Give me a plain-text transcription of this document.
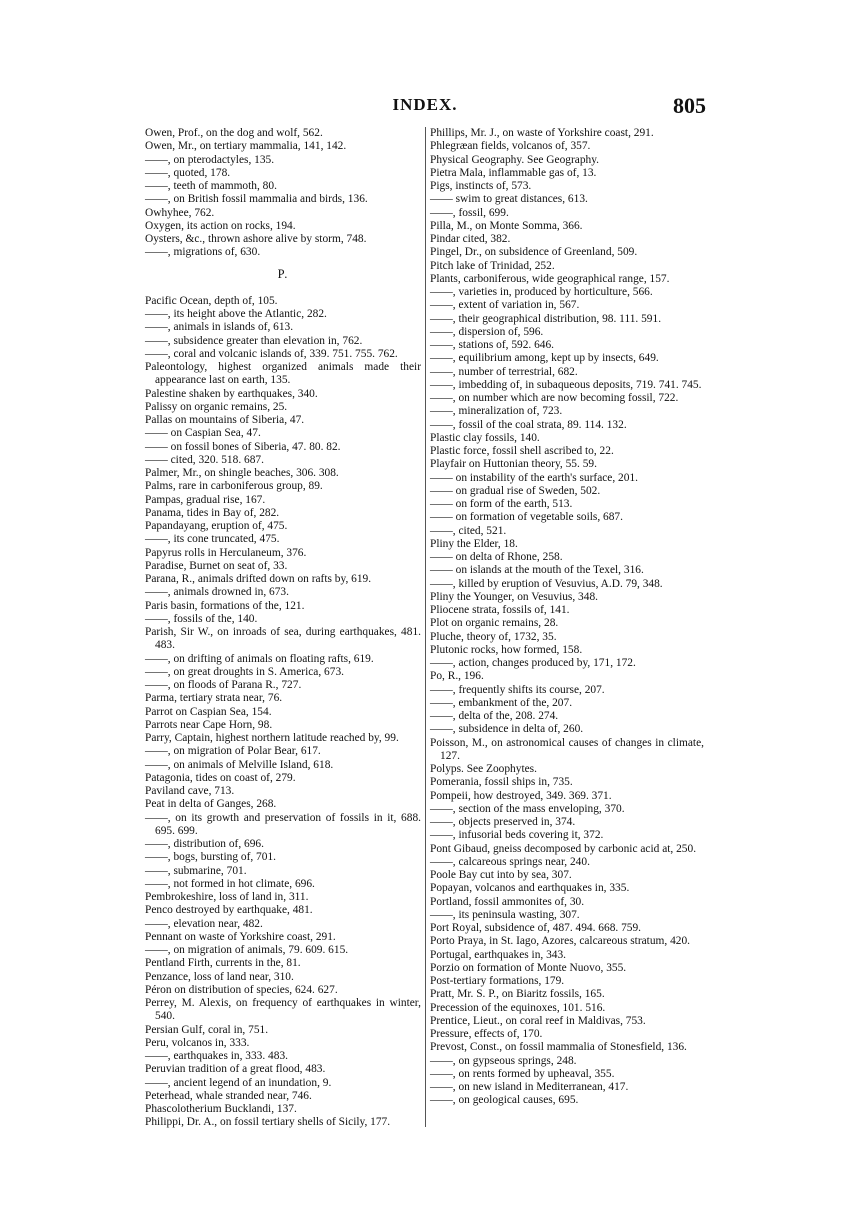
INDEX.	805
Owen, Prof., on the dog and wolf, 562.
Owen, Mr., on tertiary mammalia, 141, 142.
——, on pterodactyles, 135.
——, quoted, 178.
——, teeth of mammoth, 80.
——, on British fossil mammalia and birds, 136.
Owhyhee, 762.
Oxygen, its action on rocks, 194.
Oysters, &c., thrown ashore alive by storm, 748.
——, migrations of, 630.
P.
Pacific Ocean, depth of, 105.
——, its height above the Atlantic, 282.
——, animals in islands of, 613.
——, subsidence greater than elevation in, 762.
——, coral and volcanic islands of, 339. 751. 755. 762.
Paleontology, highest organized animals made their appearance last on earth, 135.
Palestine shaken by earthquakes, 340.
Palissy on organic remains, 25.
Pallas on mountains of Siberia, 47.
—— on Caspian Sea, 47.
—— on fossil bones of Siberia, 47. 80. 82.
—— cited, 320. 518. 687.
Palmer, Mr., on shingle beaches, 306. 308.
Palms, rare in carboniferous group, 89.
Pampas, gradual rise, 167.
Panama, tides in Bay of, 282.
Papandayang, eruption of, 475.
——, its cone truncated, 475.
Papyrus rolls in Herculaneum, 376.
Paradise, Burnet on seat of, 33.
Parana, R., animals drifted down on rafts by, 619.
——, animals drowned in, 673.
Paris basin, formations of the, 121.
——, fossils of the, 140.
Parish, Sir W., on inroads of sea, during earthquakes, 481. 483.
——, on drifting of animals on floating rafts, 619.
——, on great droughts in S. America, 673.
——, on floods of Parana R., 727.
Parma, tertiary strata near, 76.
Parrot on Caspian Sea, 154.
Parrots near Cape Horn, 98.
Parry, Captain, highest northern latitude reached by, 99.
——, on migration of Polar Bear, 617.
——, on animals of Melville Island, 618.
Patagonia, tides on coast of, 279.
Paviland cave, 713.
Peat in delta of Ganges, 268.
——, on its growth and preservation of fossils in it, 688. 695. 699.
——, distribution of, 696.
——, bogs, bursting of, 701.
——, submarine, 701.
——, not formed in hot climate, 696.
Pembrokeshire, loss of land in, 311.
Penco destroyed by earthquake, 481.
——, elevation near, 482.
Pennant on waste of Yorkshire coast, 291.
——, on migration of animals, 79. 609. 615.
Pentland Firth, currents in the, 81.
Penzance, loss of land near, 310.
Péron on distribution of species, 624. 627.
Perrey, M. Alexis, on frequency of earthquakes in winter, 540.
Persian Gulf, coral in, 751.
Peru, volcanos in, 333.
——, earthquakes in, 333. 483.
Peruvian tradition of a great flood, 483.
——, ancient legend of an inundation, 9.
Peterhead, whale stranded near, 746.
Phascolotherium Bucklandi, 137.
Philippi, Dr. A., on fossil tertiary shells of Sicily, 177.
Phillips, Mr. J., on waste of Yorkshire coast, 291.
Phlegræan fields, volcanos of, 357.
Physical Geography. See Geography.
Pietra Mala, inflammable gas of, 13.
Pigs, instincts of, 573.
—— swim to great distances, 613.
——, fossil, 699.
Pilla, M., on Monte Somma, 366.
Pindar cited, 382.
Pingel, Dr., on subsidence of Greenland, 509.
Pitch lake of Trinidad, 252.
Plants, carboniferous, wide geographical range, 157.
——, varieties in, produced by horticulture, 566.
——, extent of variation in, 567.
——, their geographical distribution, 98. 111. 591.
——, dispersion of, 596.
——, stations of, 592. 646.
——, equilibrium among, kept up by insects, 649.
——, number of terrestrial, 682.
——, imbedding of, in subaqueous deposits, 719. 741. 745.
——, on number which are now becoming fossil, 722.
——, mineralization of, 723.
——, fossil of the coal strata, 89. 114. 132.
Plastic clay fossils, 140.
Plastic force, fossil shell ascribed to, 22.
Playfair on Huttonian theory, 55. 59.
—— on instability of the earth's surface, 201.
—— on gradual rise of Sweden, 502.
—— on form of the earth, 513.
—— on formation of vegetable soils, 687.
——, cited, 521.
Pliny the Elder, 18.
—— on delta of Rhone, 258.
—— on islands at the mouth of the Texel, 316.
——, killed by eruption of Vesuvius, A.D. 79, 348.
Pliny the Younger, on Vesuvius, 348.
Pliocene strata, fossils of, 141.
Plot on organic remains, 28.
Pluche, theory of, 1732, 35.
Plutonic rocks, how formed, 158.
——, action, changes produced by, 171, 172.
Po, R., 196.
——, frequently shifts its course, 207.
——, embankment of the, 207.
——, delta of the, 208. 274.
——, subsidence in delta of, 260.
Poisson, M., on astronomical causes of changes in climate, 127.
Polyps. See Zoophytes.
Pomerania, fossil ships in, 735.
Pompeii, how destroyed, 349. 369. 371.
——, section of the mass enveloping, 370.
——, objects preserved in, 374.
——, infusorial beds covering it, 372.
Pont Gibaud, gneiss decomposed by carbonic acid at, 250.
——, calcareous springs near, 240.
Poole Bay cut into by sea, 307.
Popayan, volcanos and earthquakes in, 335.
Portland, fossil ammonites of, 30.
——, its peninsula wasting, 307.
Port Royal, subsidence of, 487. 494. 668. 759.
Porto Praya, in St. Iago, Azores, calcareous stratum, 420.
Portugal, earthquakes in, 343.
Porzio on formation of Monte Nuovo, 355.
Post-tertiary formations, 179.
Pratt, Mr. S. P., on Biaritz fossils, 165.
Precession of the equinoxes, 101. 516.
Prentice, Lieut., on coral reef in Maldivas, 753.
Pressure, effects of, 170.
Prevost, Const., on fossil mammalia of Stonesfield, 136.
——, on gypseous springs, 248.
——, on rents formed by upheaval, 355.
——, on new island in Mediterranean, 417.
——, on geological causes, 695.
